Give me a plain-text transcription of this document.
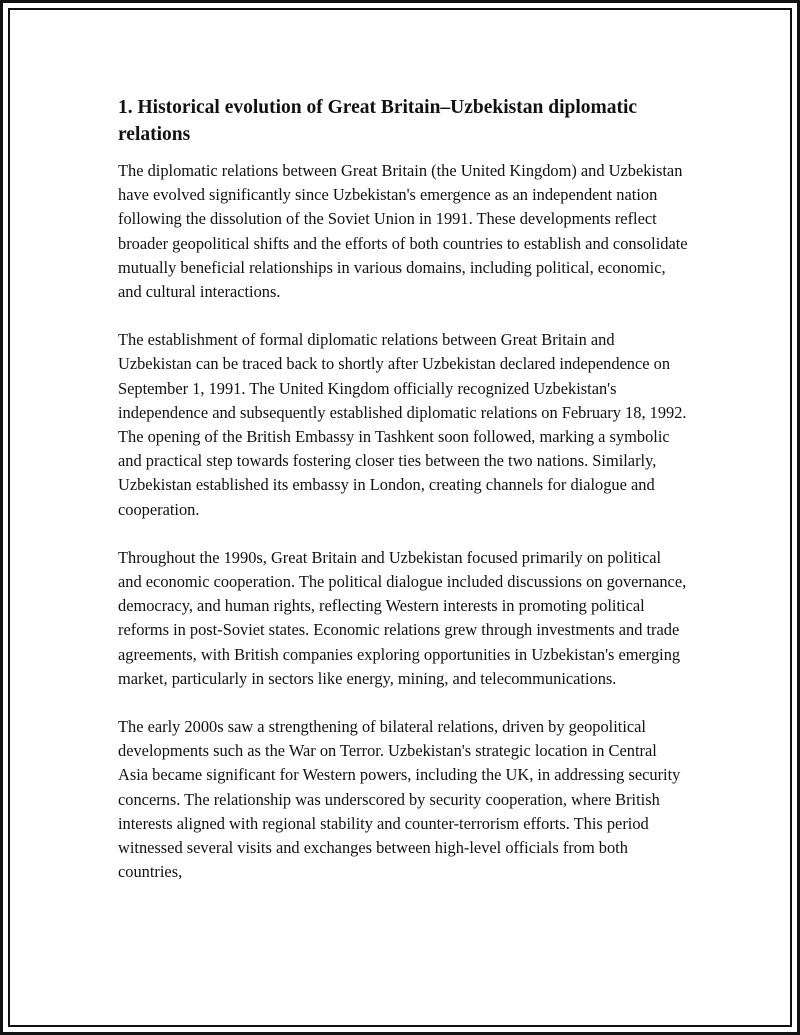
1. Historical evolution of Great Britain–Uzbekistan diplomatic relations

The diplomatic relations between Great Britain (the United Kingdom) and Uzbekistan have evolved significantly since Uzbekistan's emergence as an independent nation following the dissolution of the Soviet Union in 1991. These developments reflect broader geopolitical shifts and the efforts of both countries to establish and consolidate mutually beneficial relationships in various domains, including political, economic, and cultural interactions.

The establishment of formal diplomatic relations between Great Britain and Uzbekistan can be traced back to shortly after Uzbekistan declared independence on September 1, 1991. The United Kingdom officially recognized Uzbekistan's independence and subsequently established diplomatic relations on February 18, 1992. The opening of the British Embassy in Tashkent soon followed, marking a symbolic and practical step towards fostering closer ties between the two nations. Similarly, Uzbekistan established its embassy in London, creating channels for dialogue and cooperation.

Throughout the 1990s, Great Britain and Uzbekistan focused primarily on political and economic cooperation. The political dialogue included discussions on governance, democracy, and human rights, reflecting Western interests in promoting political reforms in post-Soviet states. Economic relations grew through investments and trade agreements, with British companies exploring opportunities in Uzbekistan's emerging market, particularly in sectors like energy, mining, and telecommunications.

The early 2000s saw a strengthening of bilateral relations, driven by geopolitical developments such as the War on Terror. Uzbekistan's strategic location in Central Asia became significant for Western powers, including the UK, in addressing security concerns. The relationship was underscored by security cooperation, where British interests aligned with regional stability and counter-terrorism efforts. This period witnessed several visits and exchanges between high-level officials from both countries,
